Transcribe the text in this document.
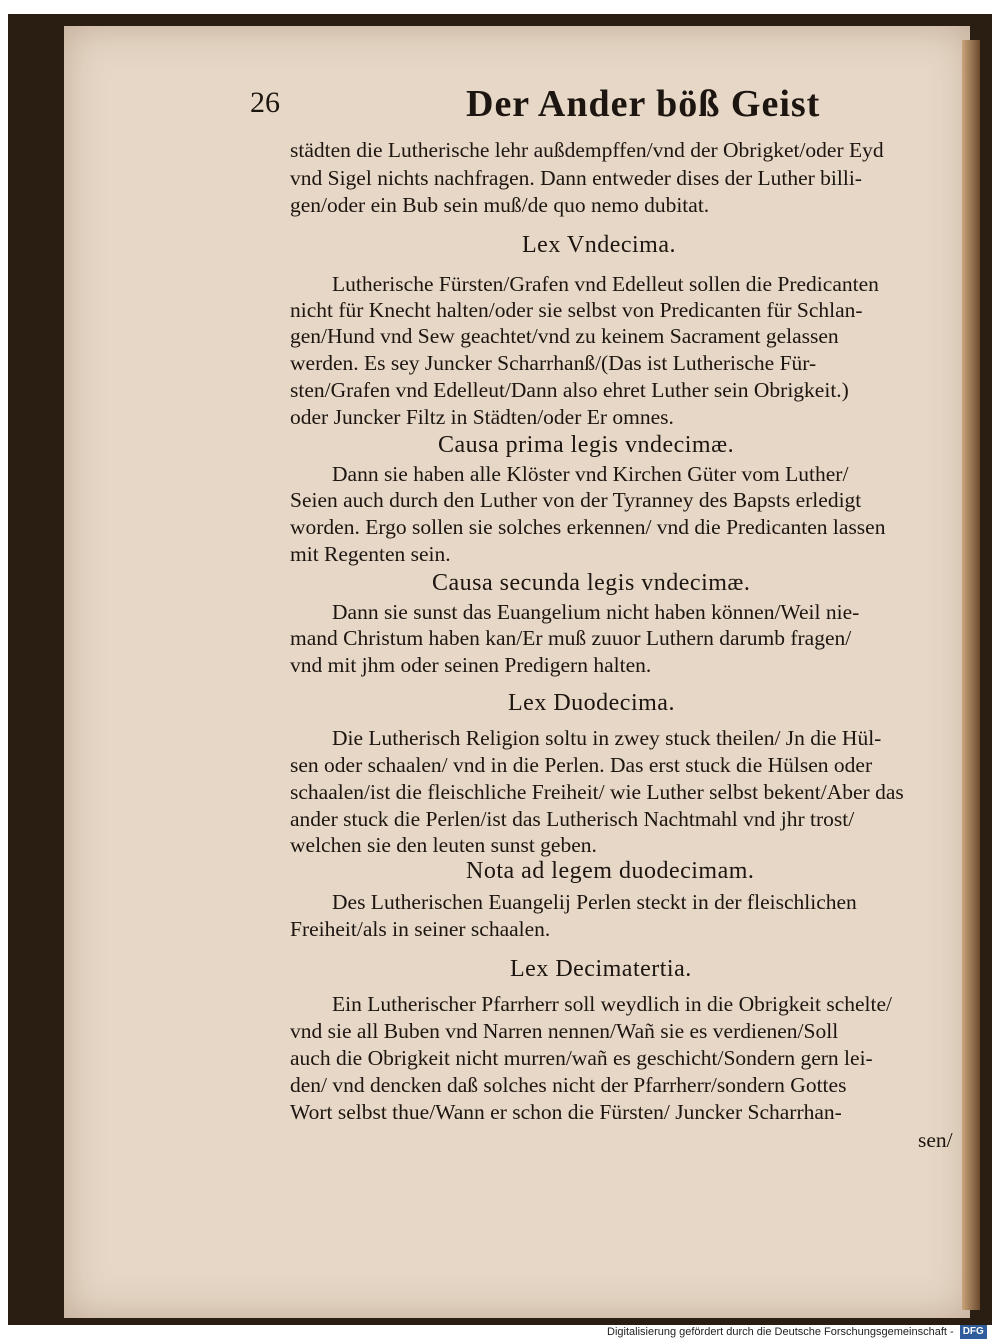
26	Der Ander böß Geist
städten die Lutherische lehr außdempffen/vnd der Obrigket/oder Eyd
vnd Sigel nichts nachfragen. Dann entweder dises der Luther billi-
gen/oder ein Bub sein muß/de quo nemo dubitat.
Lex Vndecima.
Lutherische Fürsten/Grafen vnd Edelleut sollen die Predicanten
nicht für Knecht halten/oder sie selbst von Predicanten für Schlan-
gen/Hund vnd Sew geachtet/vnd zu keinem Sacrament gelassen
werden. Es sey Juncker Scharrhanß/(Das ist Lutherische Für-
sten/Grafen vnd Edelleut/Dann also ehret Luther sein Obrigkeit.)
oder Juncker Filtz in Städten/oder Er omnes.
Causa prima legis vndecimæ.
Dann sie haben alle Klöster vnd Kirchen Güter vom Luther/
Seien auch durch den Luther von der Tyranney des Bapsts erledigt
worden. Ergo sollen sie solches erkennen/ vnd die Predicanten lassen
mit Regenten sein.
Causa secunda legis vndecimæ.
Dann sie sunst das Euangelium nicht haben können/Weil nie-
mand Christum haben kan/Er muß zuuor Luthern darumb fragen/
vnd mit jhm oder seinen Predigern halten.
Lex Duodecima.
Die Lutherisch Religion soltu in zwey stuck theilen/ Jn die Hül-
sen oder schaalen/ vnd in die Perlen. Das erst stuck die Hülsen oder
schaalen/ist die fleischliche Freiheit/ wie Luther selbst bekent/Aber das
ander stuck die Perlen/ist das Lutherisch Nachtmahl vnd jhr trost/
welchen sie den leuten sunst geben.
Nota ad legem duodecimam.
Des Lutherischen Euangelij Perlen steckt in der fleischlichen
Freiheit/als in seiner schaalen.
Lex Decimatertia.
Ein Lutherischer Pfarrherr soll weydlich in die Obrigkeit schelte/
vnd sie all Buben vnd Narren nennen/Wañ sie es verdienen/Soll
auch die Obrigkeit nicht murren/wañ es geschicht/Sondern gern lei-
den/ vnd dencken daß solches nicht der Pfarrherr/sondern Gottes
Wort selbst thue/Wann er schon die Fürsten/ Juncker Scharrhan-
sen/
Digitalisierung gefördert durch die Deutsche Forschungsgemeinschaft - DFG
